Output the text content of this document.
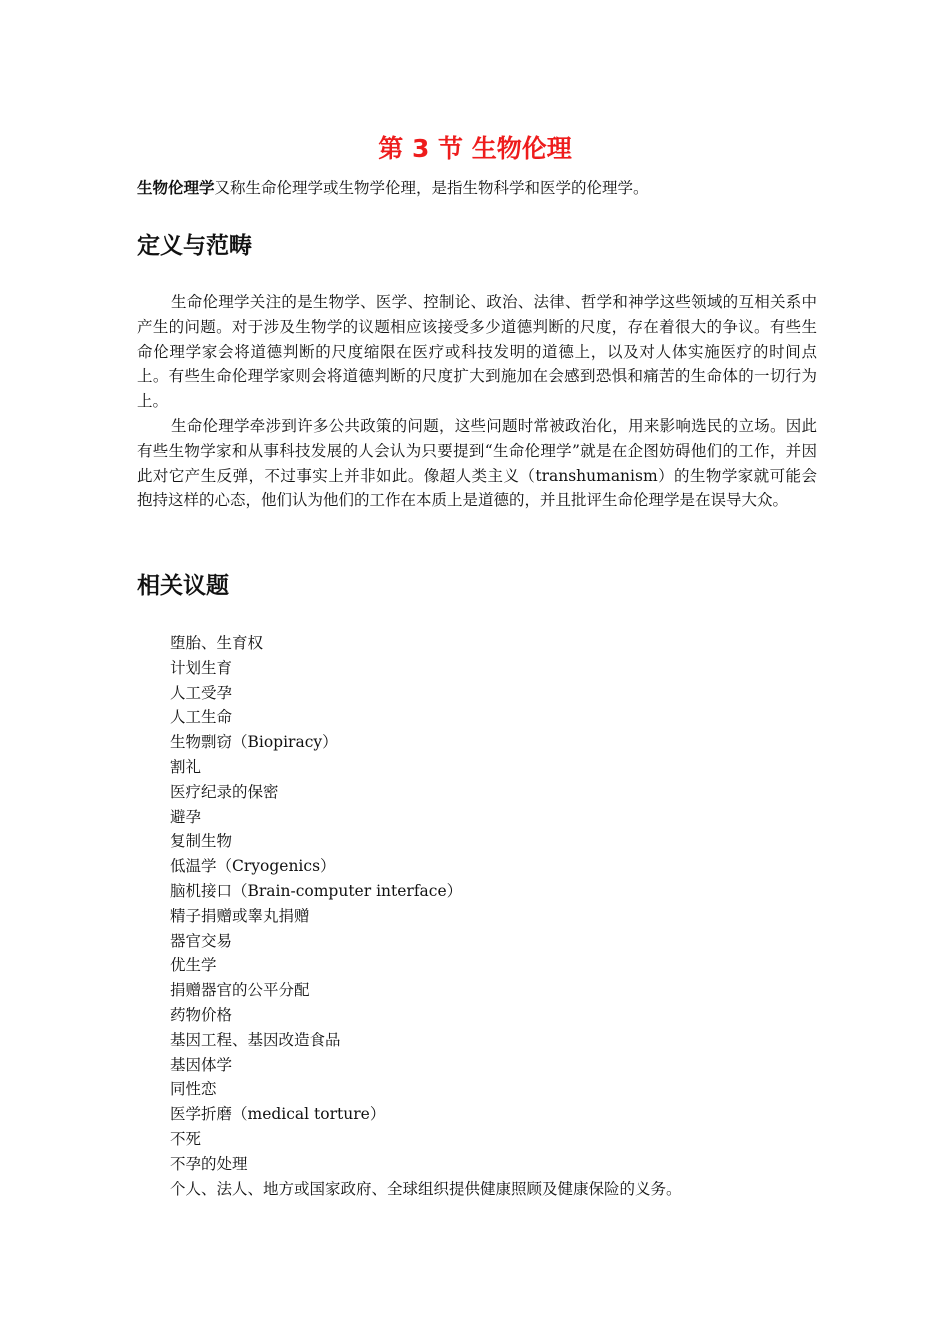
第 3 节 生物伦理

生物伦理学又称生命伦理学或生物学伦理，是指生物科学和医学的伦理学。

定义与范畴

生命伦理学关注的是生物学、医学、控制论、政治、法律、哲学和神学这些领域的互相关系中产生的问题。对于涉及生物学的议题相应该接受多少道德判断的尺度，存在着很大的争议。有些生命伦理学家会将道德判断的尺度缩限在医疗或科技发明的道德上，以及对人体实施医疗的时间点上。有些生命伦理学家则会将道德判断的尺度扩大到施加在会感到恐惧和痛苦的生命体的一切行为上。

生命伦理学牵涉到许多公共政策的问题，这些问题时常被政治化，用来影响选民的立场。因此有些生物学家和从事科技发展的人会认为只要提到“生命伦理学”就是在企图妨碍他们的工作，并因此对它产生反弹，不过事实上并非如此。像超人类主义（transhumanism）的生物学家就可能会抱持这样的心态，他们认为他们的工作在本质上是道德的，并且批评生命伦理学是在误导大众。

相关议题
堕胎、生育权
计划生育
人工受孕
人工生命
生物剽窃（Biopiracy）
割礼
医疗纪录的保密
避孕
复制生物
低温学（Cryogenics）
脑机接口（Brain-computer interface）
精子捐赠或睾丸捐赠
器官交易
优生学
捐赠器官的公平分配
药物价格
基因工程、基因改造食品
基因体学
同性恋
医学折磨（medical torture）
不死
不孕的处理
个人、法人、地方或国家政府、全球组织提供健康照顾及健康保险的义务。
